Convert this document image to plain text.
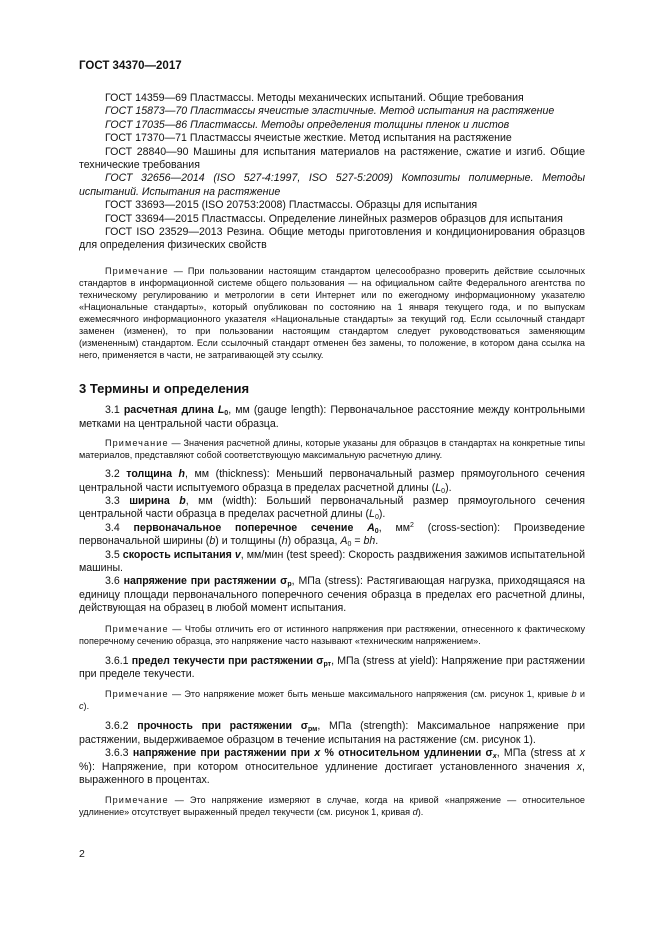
ГОСТ 34370—2017

ГОСТ 14359—69 Пластмассы. Методы механических испытаний. Общие требования

ГОСТ 15873—70 Пластмассы ячеистые эластичные. Метод испытания на растяжение

ГОСТ 17035—86 Пластмассы. Методы определения толщины пленок и листов

ГОСТ 17370—71 Пластмассы ячеистые жесткие. Метод испытания на растяжение

ГОСТ 28840—90 Машины для испытания материалов на растяжение, сжатие и изгиб. Общие технические требования

ГОСТ 32656—2014 (ISO 527-4:1997, ISO 527-5:2009) Композиты полимерные. Методы испытаний. Испытания на растяжение

ГОСТ 33693—2015 (ISO 20753:2008) Пластмассы. Образцы для испытания

ГОСТ 33694—2015 Пластмассы. Определение линейных размеров образцов для испытания

ГОСТ ISO 23529—2013 Резина. Общие методы приготовления и кондиционирования образцов для определения физических свойств

Примечание — При пользовании настоящим стандартом целесообразно проверить действие ссылочных стандартов в информационной системе общего пользования — на официальном сайте Федерального агентства по техническому регулированию и метрологии в сети Интернет или по ежегодному информационному указателю «Национальные стандарты», который опубликован по состоянию на 1 января текущего года, и по выпускам ежемесячного информационного указателя «Национальные стандарты» за текущий год. Если ссылочный стандарт заменен (изменен), то при пользовании настоящим стандартом следует руководствоваться заменяющим (измененным) стандартом. Если ссылочный стандарт отменен без замены, то положение, в котором дана ссылка на него, применяется в части, не затрагивающей эту ссылку.

3 Термины и определения

3.1 расчетная длина $L_0$, мм (gauge length): Первоначальное расстояние между контрольными метками на центральной части образца.

Примечание — Значения расчетной длины, которые указаны для образцов в стандартах на конкретные типы материалов, представляют собой соответствующую максимальную расчетную длину.

3.2 толщина h, мм (thickness): Меньший первоначальный размер прямоугольного сечения центральной части испытуемого образца в пределах расчетной длины $(L_0)$.

3.3 ширина b, мм (width): Больший первоначальный размер прямоугольного сечения центральной части образца в пределах расчетной длины $(L_0)$.

3.4 первоначальное поперечное сечение $A_0$, $мм^2$ (cross-section): Произведение первоначальной ширины (b) и толщины (h) образца, $A_0$ = bh.

3.5 скорость испытания v, мм/мин (test speed): Скорость раздвижения зажимов испытательной машины.

3.6 напряжение при растяжении $\sigma_р$, МПа (stress): Растягивающая нагрузка, приходящаяся на единицу площади первоначального поперечного сечения образца в пределах его расчетной длины, действующая на образец в любой момент испытания.

Примечание — Чтобы отличить его от истинного напряжения при растяжении, отнесенного к фактическому поперечному сечению образца, это напряжение часто называют «техническим напряжением».

3.6.1 предел текучести при растяжении $\sigma_{рт}$, МПа (stress at yield): Напряжение при растяжении при пределе текучести.

Примечание — Это напряжение может быть меньше максимального напряжения (см. рисунок 1, кривые b и c).

3.6.2 прочность при растяжении $\sigma_{рм}$, МПа (strength): Максимальное напряжение при растяжении, выдерживаемое образцом в течение испытания на растяжение (см. рисунок 1).

3.6.3 напряжение при растяжении при x % относительном удлинении $\sigma_x$, МПа (stress at x %): Напряжение, при котором относительное удлинение достигает установленного значения x, выраженного в процентах.

Примечание — Это напряжение измеряют в случае, когда на кривой «напряжение — относительное удлинение» отсутствует выраженный предел текучести (см. рисунок 1, кривая d).

2
